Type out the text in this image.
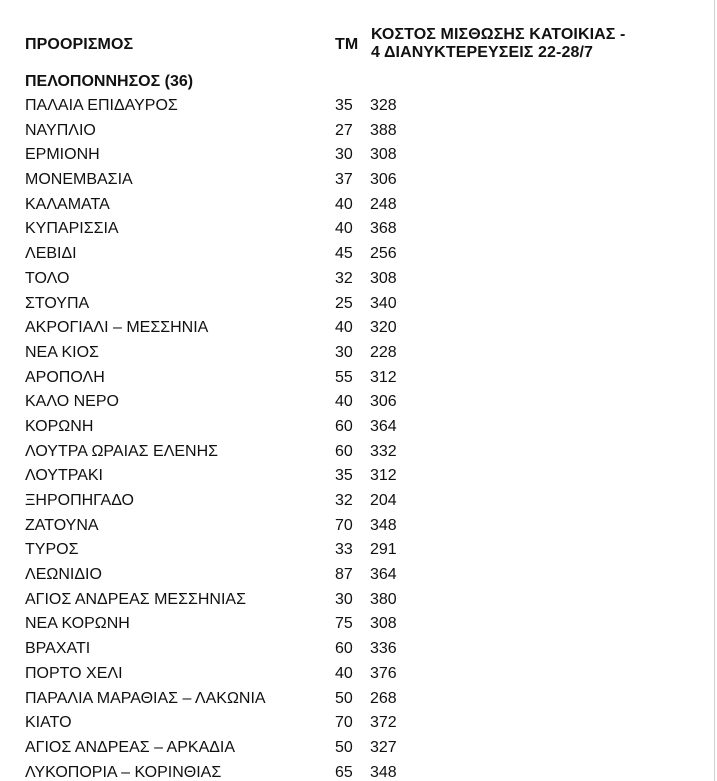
ΠΡΟΟΡΙΣΜΟΣ	ΤΜ
ΚΟΣΤΟΣ ΜΙΣΘΩΣΗΣ ΚΑΤΟΙΚΙΑΣ -
4 ΔΙΑΝΥΚΤΕΡΕΥΣΕΙΣ 22-28/7
ΠΕΛΟΠΟΝΝΗΣΟΣ (36)
ΠΑΛΑΙΑ ΕΠΙΔΑΥΡΟΣ	35 328
ΝΑΥΠΛΙΟ	27 388
ΕΡΜΙΟΝΗ	30 308
ΜΟΝΕΜΒΑΣΙΑ	37 306
ΚΑΛΑΜΑΤΑ	40 248
ΚΥΠΑΡΙΣΣΙΑ	40 368
ΛΕΒΙΔΙ	45 256
ΤΟΛΟ	32 308
ΣΤΟΥΠΑ	25 340
ΑΚΡΟΓΙΑΛΙ – ΜΕΣΣΗΝΙΑ	40 320
ΝΕΑ ΚΙΟΣ	30 228
ΑΡΟΠΟΛΗ	55 312
ΚΑΛΟ ΝΕΡΟ	40 306
ΚΟΡΩΝΗ	60 364
ΛΟΥΤΡΑ ΩΡΑΙΑΣ ΕΛΕΝΗΣ	60 332
ΛΟΥΤΡΑΚΙ	35 312
ΞΗΡΟΠΗΓΑΔΟ	32 204
ΖΑΤΟΥΝΑ	70 348
ΤΥΡΟΣ	33 291
ΛΕΩΝΙΔΙΟ	87 364
ΑΓΙΟΣ ΑΝΔΡΕΑΣ ΜΕΣΣΗΝΙΑΣ	30 380
ΝΕΑ ΚΟΡΩΝΗ	75 308
ΒΡΑΧΑΤΙ	60 336
ΠΟΡΤΟ ΧΕΛΙ	40 376
ΠΑΡΑΛΙΑ ΜΑΡΑΘΙΑΣ – ΛΑΚΩΝΙΑ	50 268
ΚΙΑΤΟ	70 372
ΑΓΙΟΣ ΑΝΔΡΕΑΣ – ΑΡΚΑΔΙΑ	50 327
ΛΥΚΟΠΟΡΙΑ – ΚΟΡΙΝΘΙΑΣ	65 348
